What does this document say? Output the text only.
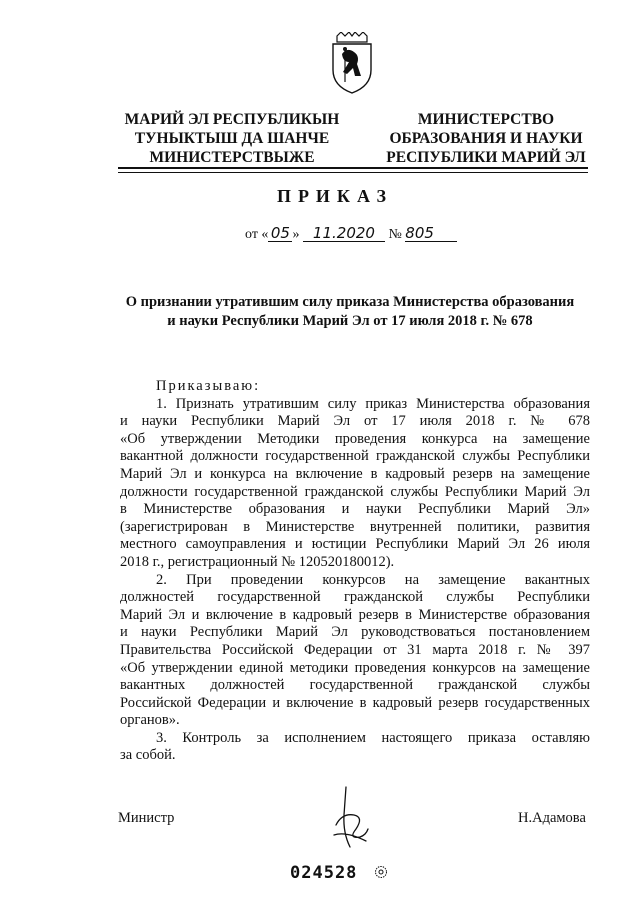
МАРИЙ ЭЛ РЕСПУБЛИКЫН
ТУНЫКТЫШ ДА ШАНЧЕ
МИНИСТЕРСТВЫЖЕ
МИНИСТЕРСТВО
ОБРАЗОВАНИЯ И НАУКИ
РЕСПУБЛИКИ МАРИЙ ЭЛ
ПРИКАЗ
от « 05 » 11.2020 № 805
О признании утратившим силу приказа Министерства образования
и науки Республики Марий Эл от 17 июля 2018 г. № 678
Приказываю:
1. Признать утратившим силу приказ Министерства образования
и науки Республики Марий Эл от 17 июля 2018 г. № 678
«Об утверждении Методики проведения конкурса на замещение
вакантной должности государственной гражданской службы Республики
Марий Эл и конкурса на включение в кадровый резерв на замещение
должности государственной гражданской службы Республики Марий Эл
в Министерстве образования и науки Республики Марий Эл»
(зарегистрирован в Министерстве внутренней политики, развития
местного самоуправления и юстиции Республики Марий Эл 26 июля
2018 г., регистрационный № 120520180012).
2. При проведении конкурсов на замещение вакантных
должностей государственной гражданской службы Республики
Марий Эл и включение в кадровый резерв в Министерстве образования
и науки Республики Марий Эл руководствоваться постановлением
Правительства Российской Федерации от 31 марта 2018 г. № 397
«Об утверждении единой методики проведения конкурсов на замещение
вакантных должностей государственной гражданской службы
Российской Федерации и включение в кадровый резерв государственных
органов».
3. Контроль за исполнением настоящего приказа оставляю
за собой.
Министр	Н.Адамова
024528
